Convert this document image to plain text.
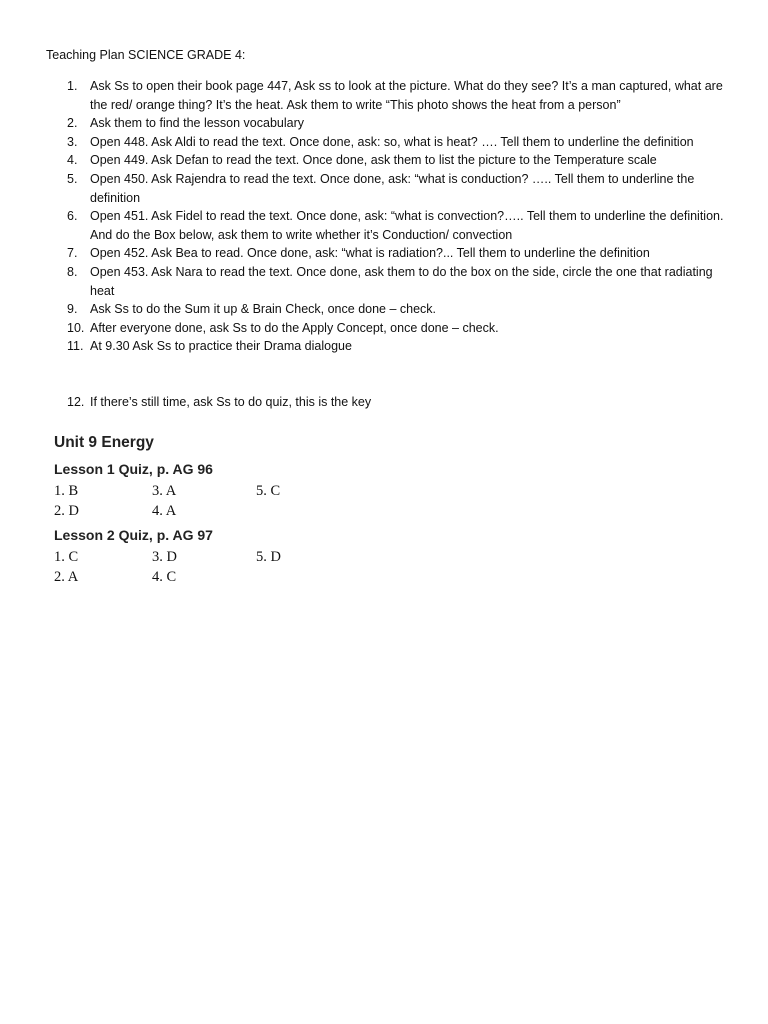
Teaching Plan SCIENCE GRADE 4:
1.	Ask Ss to open their book page 447, Ask ss to look at the picture. What do they see? It’s a man captured, what are the red/ orange thing? It’s the heat. Ask them to write “This photo shows the heat from a person”
2.	Ask them to find the lesson vocabulary
3.	Open 448. Ask Aldi to read the text. Once done, ask: so, what is heat? …. Tell them to underline the definition
4.	Open 449. Ask Defan to read the text. Once done, ask them to list the picture to the Temperature scale
5.	Open 450. Ask Rajendra to read the text. Once done, ask: “what is conduction? ….. Tell them to underline the definition
6.	Open 451. Ask Fidel to read the text. Once done, ask: “what is convection?….. Tell them to underline the definition. And do the Box below, ask them to write whether it’s Conduction/ convection
7.	Open 452. Ask Bea to read. Once done, ask: “what is radiation?... Tell them to underline the definition
8.	Open 453. Ask Nara to read the text. Once done, ask them to do the box on the side, circle the one that radiating heat
9.	Ask Ss to do the Sum it up & Brain Check, once done – check.
10. After everyone done, ask Ss to do the Apply Concept, once done – check.
11. At 9.30 Ask Ss to practice their Drama dialogue
12. If there’s still time, ask Ss to do quiz, this is the key
Unit 9 Energy
Lesson 1 Quiz, p. AG 96
1. B	3. A	5. C
2. D	4. A
Lesson 2 Quiz, p. AG 97
1. C	3. D	5. D
2. A	4. C
